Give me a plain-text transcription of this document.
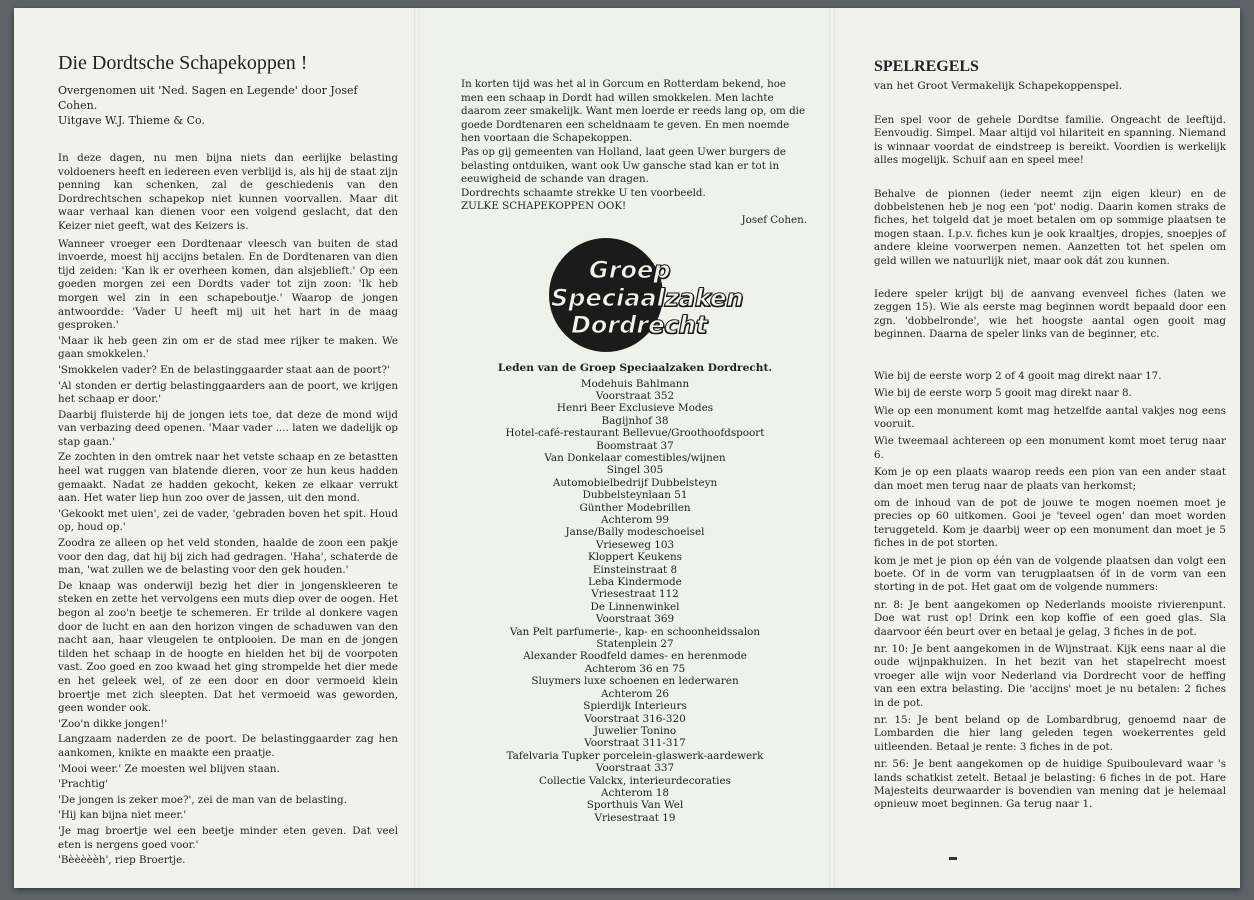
Die Dordtsche Schapekoppen !
Overgenomen uit 'Ned. Sagen en Legende' door Josef Cohen.
Uitgave W.J. Thieme & Co.

In deze dagen, nu men bijna niets dan eerlijke belasting voldoeners heeft en iedereen even verblijd is, als hij de staat zijn penning kan schenken, zal de geschiedenis van den Dordrechtschen schapekop niet kunnen voorvallen. Maar dit waar verhaal kan dienen voor een volgend geslacht, dat den Keizer niet geeft, wat des Keizers is.

Wanneer vroeger een Dordtenaar vleesch van buiten de stad invoerde, moest hij accijns betalen. En de Dordtenaren van dien tijd zeiden: 'Kan ik er overheen komen, dan alsjeblieft.' Op een goeden morgen zei een Dordts vader tot zijn zoon: 'Ik heb morgen wel zin in een schapeboutje.' Waarop de jongen antwoordde: 'Vader U heeft mij uit het hart in de maag gesproken.'

'Maar ik heb geen zin om er de stad mee rijker te maken. We gaan smokkelen.'

'Smokkelen vader? En de belastinggaarder staat aan de poort?'

'Al stonden er dertig belastinggaarders aan de poort, we krijgen het schaap er door.'

Daarbij fluisterde hij de jongen iets toe, dat deze de mond wijd van verbazing deed openen. 'Maar vader .... laten we dadelijk op stap gaan.'

Ze zochten in den omtrek naar het vetste schaap en ze betastten heel wat ruggen van blatende dieren, voor ze hun keus hadden gemaakt. Nadat ze hadden gekocht, keken ze elkaar verrukt aan. Het water liep hun zoo over de jassen, uit den mond.

'Gekookt met uien', zei de vader, 'gebraden boven het spit. Houd op, houd op.'

Zoodra ze alleen op het veld stonden, haalde de zoon een pakje voor den dag, dat hij bij zich had gedragen. 'Haha', schaterde de man, 'wat zullen we de belasting voor den gek houden.'

De knaap was onderwijl bezig het dier in jongenskleeren te steken en zette het vervolgens een muts diep over de oogen. Het begon al zoo'n beetje te schemeren. Er trilde al donkere vagen door de lucht en aan den horizon vingen de schaduwen van den nacht aan, haar vleugelen te ontplooien. De man en de jongen tilden het schaap in de hoogte en hielden het bij de voorpoten vast. Zoo goed en zoo kwaad het ging strompelde het dier mede en het geleek wel, of ze een door en door vermoeid klein broertje met zich sleepten. Dat het vermoeid was geworden, geen wonder ook.

'Zoo'n dikke jongen!'

Langzaam naderden ze de poort. De belastinggaarder zag hen aankomen, knikte en maakte een praatje.

'Mooi weer.' Ze moesten wel blijven staan.

'Prachtig'

'De jongen is zeker moe?', zei de man van de belasting.

'Hij kan bijna niet meer.'

'Je mag broertje wel een beetje minder eten geven. Dat veel eten is nergens goed voor.'

'Bèèèèèh', riep Broertje.

In korten tijd was het al in Gorcum en Rotterdam bekend, hoe men een schaap in Dordt had willen smokkelen. Men lachte daarom zeer smakelijk. Want men loerde er reeds lang op, om die goede Dordtenaren een scheldnaam te geven. En men noemde hen voortaan die Schapekoppen.

Pas op gij gemeenten van Holland, laat geen Uwer burgers de belasting ontduiken, want ook Uw gansche stad kan er tot in eeuwigheid de schande van dragen.

Dordrechts schaamte strekke U ten voorbeeld.

ZULKE SCHAPEKOPPEN OOK!

Josef Cohen.

Groep
Speciaalzaken
Dordrecht
Leden van de Groep Speciaalzaken Dordrecht.
Modehuis Bahlmann
Voorstraat 352
Henri Beer Exclusieve Modes
Bagijnhof 38
Hotel-café-restaurant Bellevue/Groothoofdspoort
Boomstraat 37
Van Donkelaar comestibles/wijnen
Singel 305
Automobielbedrijf Dubbelsteyn
Dubbelsteynlaan 51
Günther Modebrillen
Achterom 99
Janse/Bally modeschoeisel
Vrieseweg 103
Kloppert Keukens
Einsteinstraat 8
Leba Kindermode
Vriesestraat 112
De Linnenwinkel
Voorstraat 369
Van Pelt parfumerie-, kap- en schoonheidssalon
Statenplein 27
Alexander Roodfeld dames- en herenmode
Achterom 36 en 75
Sluymers luxe schoenen en lederwaren
Achterom 26
Spierdijk Interieurs
Voorstraat 316-320
Juwelier Tonino
Voorstraat 311-317
Tafelvaria Tupker porcelein-glaswerk-aardewerk
Voorstraat 337
Collectie Valckx, interieurdecoraties
Achterom 18
Sporthuis Van Wel
Vriesestraat 19
SPELREGELS
van het Groot Vermakelijk Schapekoppenspel.

Een spel voor de gehele Dordtse familie. Ongeacht de leeftijd. Eenvoudig. Simpel. Maar altijd vol hilariteit en spanning. Niemand is winnaar voordat de eindstreep is bereikt. Voordien is werkelijk alles mogelijk. Schuif aan en speel mee!

Behalve de pionnen (ieder neemt zijn eigen kleur) en de dobbelstenen heb je nog een 'pot' nodig. Daarin komen straks de fiches, het tolgeld dat je moet betalen om op sommige plaatsen te mogen staan. I.p.v. fiches kun je ook kraaltjes, dropjes, snoepjes of andere kleine voorwerpen nemen. Aanzetten tot het spelen om geld willen we natuurlijk niet, maar ook dát zou kunnen.

Iedere speler krijgt bij de aanvang evenveel fiches (laten we zeggen 15). Wie als eerste mag beginnen wordt bepaald door een zgn. 'dobbelronde', wie het hoogste aantal ogen gooit mag beginnen. Daarna de speler links van de beginner, etc.

Wie bij de eerste worp 2 of 4 gooit mag direkt naar 17.

Wie bij de eerste worp 5 gooit mag direkt naar 8.

Wie op een monument komt mag hetzelfde aantal vakjes nog eens vooruit.

Wie tweemaal achtereen op een monument komt moet terug naar 6.

Kom je op een plaats waarop reeds een pion van een ander staat dan moet men terug naar de plaats van herkomst;

om de inhoud van de pot de jouwe te mogen noemen moet je precies op 60 uitkomen. Gooi je 'teveel ogen' dan moet worden teruggeteld. Kom je daarbij weer op een monument dan moet je 5 fiches in de pot storten.

kom je met je pion op één van de volgende plaatsen dan volgt een boete. Of in de vorm van terugplaatsen óf in de vorm van een storting in de pot. Het gaat om de volgende nummers:

nr. 8: Je bent aangekomen op Nederlands mooiste rivierenpunt. Doe wat rust op! Drink een kop koffie of een goed glas. Sla daarvoor één beurt over en betaal je gelag, 3 fiches in de pot.

nr. 10: Je bent aangekomen in de Wijnstraat. Kijk eens naar al die oude wijnpakhuizen. In het bezit van het stapelrecht moest vroeger alle wijn voor Nederland via Dordrecht voor de heffing van een extra belasting. Die 'accijns' moet je nu betalen: 2 fiches in de pot.

nr. 15: Je bent beland op de Lombardbrug, genoemd naar de Lombarden die hier lang geleden tegen woekerrentes geld uitleenden. Betaal je rente: 3 fiches in de pot.

nr. 56: Je bent aangekomen op de huidige Spuiboulevard waar 's lands schatkist zetelt. Betaal je belasting: 6 fiches in de pot. Hare Majesteits deurwaarder is bovendien van mening dat je helemaal opnieuw moet beginnen. Ga terug naar 1.
